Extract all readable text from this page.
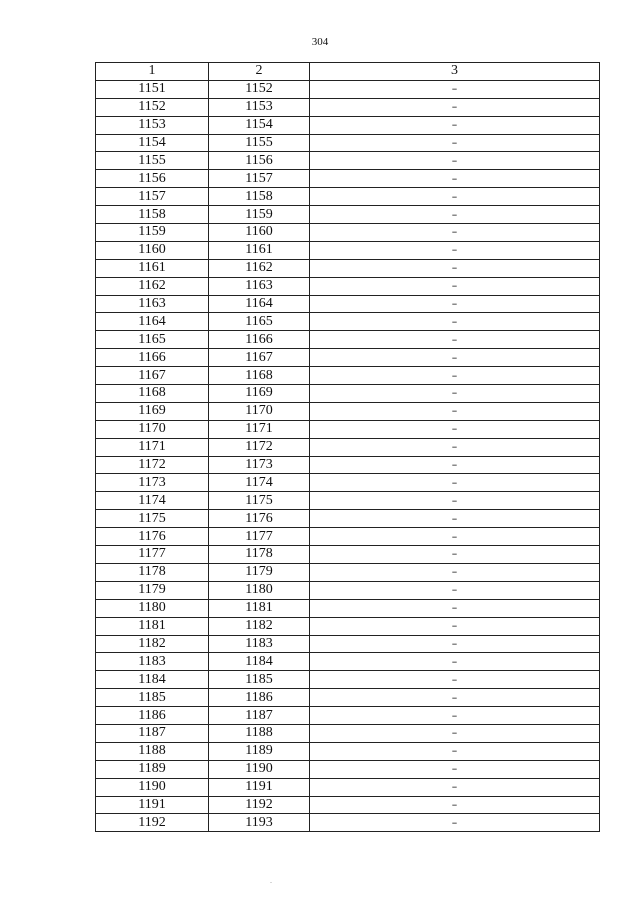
304
1	2	3
1151	1152	–
1152	1153	–
1153	1154	–
1154	1155	–
1155	1156	–
1156	1157	–
1157	1158	–
1158	1159	–
1159	1160	–
1160	1161	–
1161	1162	–
1162	1163	–
1163	1164	–
1164	1165	–
1165	1166	–
1166	1167	–
1167	1168	–
1168	1169	–
1169	1170	–
1170	1171	–
1171	1172	–
1172	1173	–
1173	1174	–
1174	1175	–
1175	1176	–
1176	1177	–
1177	1178	–
1178	1179	–
1179	1180	–
1180	1181	–
1181	1182	–
1182	1183	–
1183	1184	–
1184	1185	–
1185	1186	–
1186	1187	–
1187	1188	–
1188	1189	–
1189	1190	–
1190	1191	–
1191	1192	–
1192	1193	–
.
